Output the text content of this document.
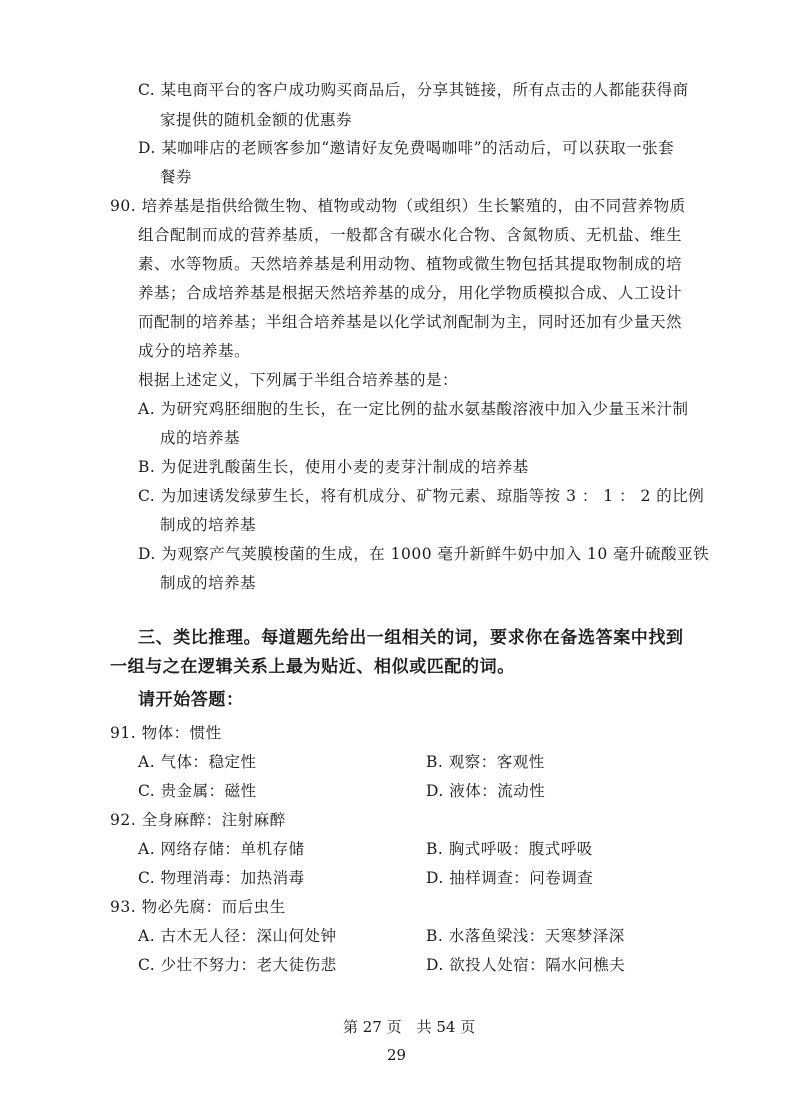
C. 某电商平台的客户成功购买商品后，分享其链接，所有点击的人都能获得商
家提供的随机金额的优惠券
D. 某咖啡店的老顾客参加“邀请好友免费喝咖啡”的活动后，可以获取一张套
餐券
90. 培养基是指供给微生物、植物或动物（或组织）生长繁殖的，由不同营养物质
组合配制而成的营养基质，一般都含有碳水化合物、含氮物质、无机盐、维生
素、水等物质。天然培养基是利用动物、植物或微生物包括其提取物制成的培
养基；合成培养基是根据天然培养基的成分，用化学物质模拟合成、人工设计
而配制的培养基；半组合培养基是以化学试剂配制为主，同时还加有少量天然
成分的培养基。
根据上述定义，下列属于半组合培养基的是：
A. 为研究鸡胚细胞的生长，在一定比例的盐水氨基酸溶液中加入少量玉米汁制
成的培养基
B. 为促进乳酸菌生长，使用小麦的麦芽汁制成的培养基
C. 为加速诱发绿萝生长，将有机成分、矿物元素、琼脂等按 3 ： 1 ： 2 的比例
制成的培养基
D. 为观察产气荚膜梭菌的生成，在 1000 毫升新鲜牛奶中加入 10 毫升硫酸亚铁
制成的培养基
三、类比推理。每道题先给出一组相关的词，要求你在备选答案中找到
一组与之在逻辑关系上最为贴近、相似或匹配的词。
请开始答题：
91. 物体：惯性
A. 气体：稳定性	B. 观察：客观性
C. 贵金属：磁性	D. 液体：流动性
92. 全身麻醉：注射麻醉
A. 网络存储：单机存储	B. 胸式呼吸：腹式呼吸
C. 物理消毒：加热消毒	D. 抽样调查：问卷调查
93. 物必先腐：而后虫生
A. 古木无人径：深山何处钟	B. 水落鱼梁浅：天寒梦泽深
C. 少壮不努力：老大徒伤悲	D. 欲投人处宿：隔水问樵夫
第 27 页　共 54 页
29
